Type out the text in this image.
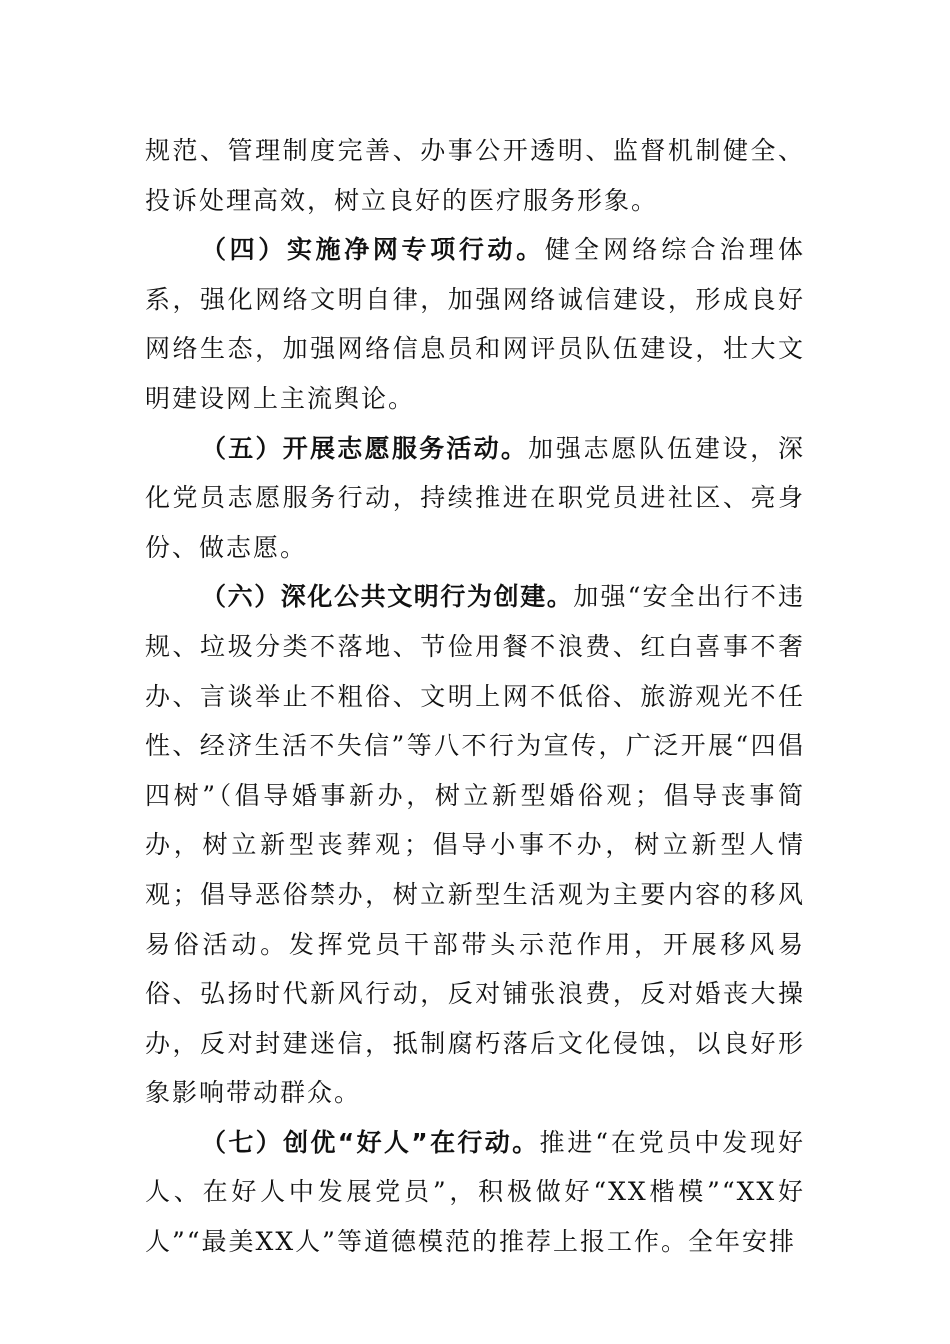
规范、管理制度完善、办事公开透明、监督机制健全、投诉处理高效，树立良好的医疗服务形象。

（四）实施净网专项行动。健全网络综合治理体系，强化网络文明自律，加强网络诚信建设，形成良好网络生态，加强网络信息员和网评员队伍建设，壮大文明建设网上主流舆论。

（五）开展志愿服务活动。加强志愿队伍建设，深化党员志愿服务行动，持续推进在职党员进社区、亮身份、做志愿。

（六）深化公共文明行为创建。加强“安全出行不违规、垃圾分类不落地、节俭用餐不浪费、红白喜事不奢办、言谈举止不粗俗、文明上网不低俗、旅游观光不任性、经济生活不失信”等八不行为宣传，广泛开展“四倡四树”（倡导婚事新办，树立新型婚俗观；倡导丧事简办，树立新型丧葬观；倡导小事不办，树立新型人情观；倡导恶俗禁办，树立新型生活观为主要内容的移风易俗活动。发挥党员干部带头示范作用，开展移风易俗、弘扬时代新风行动，反对铺张浪费，反对婚丧大操办，反对封建迷信，抵制腐朽落后文化侵蚀，以良好形象影响带动群众。

（七）创优“好人”在行动。推进“在党员中发现好人、在好人中发展党员”，积极做好“XX楷模”“XX好人”“最美XX人”等道德模范的推荐上报工作。全年安排
